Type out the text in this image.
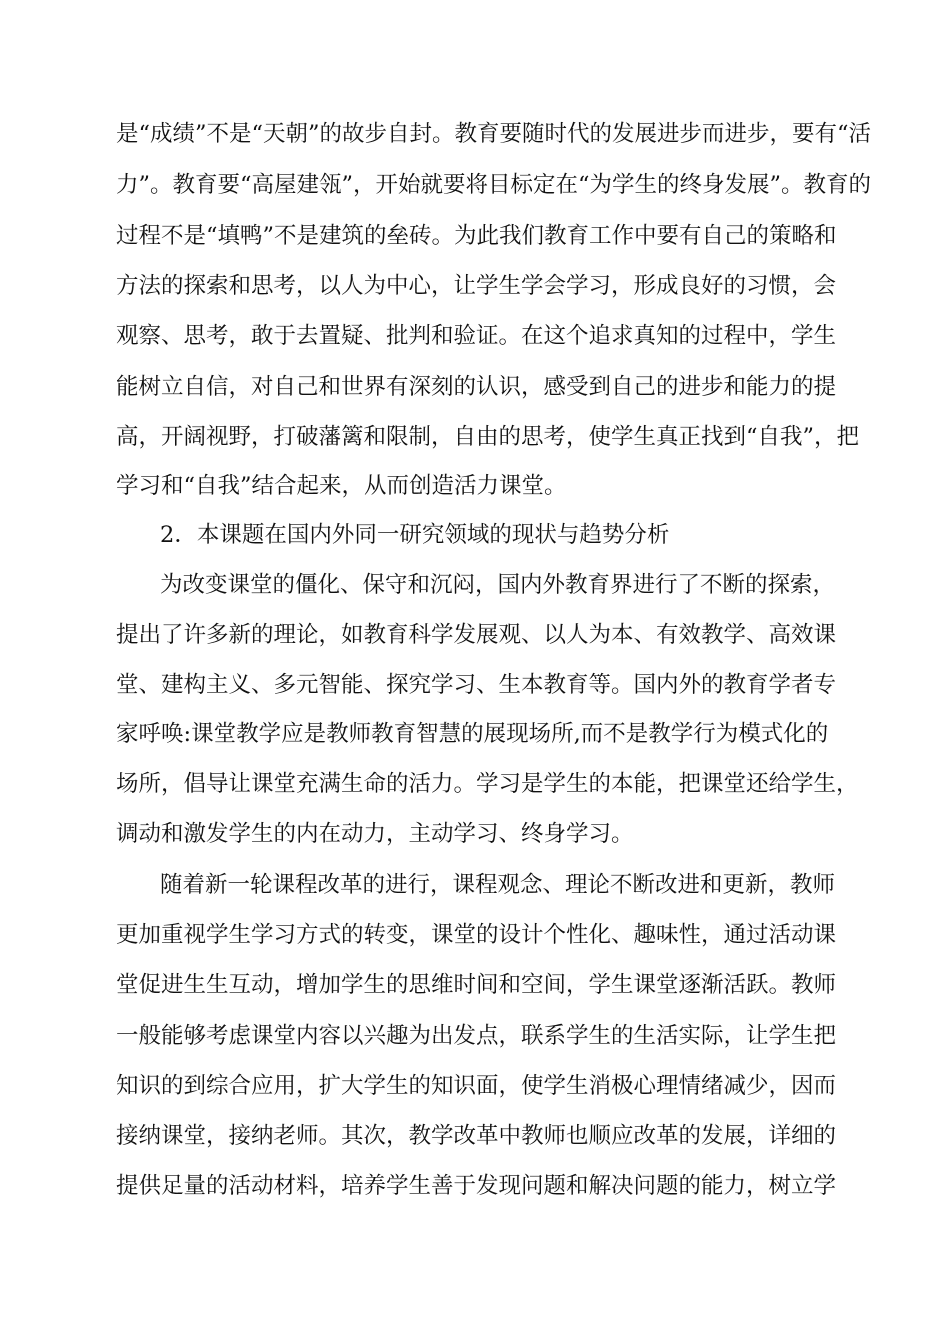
是“成绩”不是“天朝”的故步自封。教育要随时代的发展进步而进步，要有“活
力”。教育要“高屋建瓴”，开始就要将目标定在“为学生的终身发展”。教育的
过程不是“填鸭”不是建筑的垒砖。为此我们教育工作中要有自己的策略和
方法的探索和思考，以人为中心，让学生学会学习，形成良好的习惯，会
观察、思考，敢于去置疑、批判和验证。在这个追求真知的过程中，学生
能树立自信，对自己和世界有深刻的认识，感受到自己的进步和能力的提
高，开阔视野，打破藩篱和限制，自由的思考，使学生真正找到“自我”，把
学习和“自我”结合起来，从而创造活力课堂。
2．本课题在国内外同一研究领域的现状与趋势分析
为改变课堂的僵化、保守和沉闷，国内外教育界进行了不断的探索，
提出了许多新的理论，如教育科学发展观、以人为本、有效教学、高效课
堂、建构主义、多元智能、探究学习、生本教育等。国内外的教育学者专
家呼唤:课堂教学应是教师教育智慧的展现场所,而不是教学行为模式化的
场所，倡导让课堂充满生命的活力。学习是学生的本能，把课堂还给学生，
调动和激发学生的内在动力，主动学习、终身学习。
随着新一轮课程改革的进行，课程观念、理论不断改进和更新，教师
更加重视学生学习方式的转变，课堂的设计个性化、趣味性，通过活动课
堂促进生生互动，增加学生的思维时间和空间，学生课堂逐渐活跃。教师
一般能够考虑课堂内容以兴趣为出发点，联系学生的生活实际，让学生把
知识的到综合应用，扩大学生的知识面，使学生消极心理情绪减少，因而
接纳课堂，接纳老师。其次，教学改革中教师也顺应改革的发展，详细的
提供足量的活动材料，培养学生善于发现问题和解决问题的能力，树立学
